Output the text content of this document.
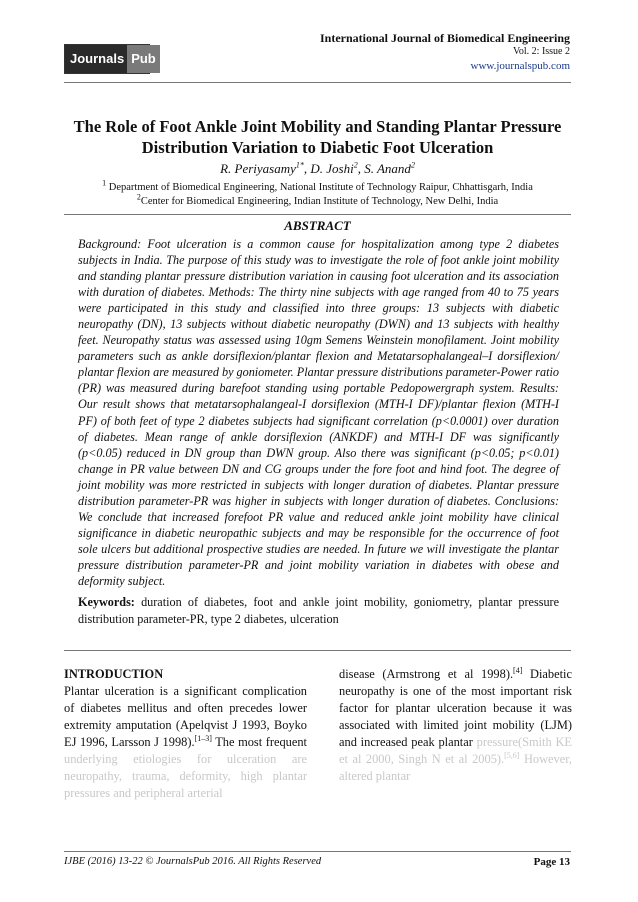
Journals Pub
International Journal of Biomedical Engineering
Vol. 2: Issue 2
www.journalspub.com
The Role of Foot Ankle Joint Mobility and Standing Plantar Pressure Distribution Variation to Diabetic Foot Ulceration
R. Periyasamy$^{1*}$, D. Joshi$^2$, S. Anand$^2$
$^1$ Department of Biomedical Engineering, National Institute of Technology Raipur, Chhattisgarh, India
$^2$Center for Biomedical Engineering, Indian Institute of Technology, New Delhi, India
ABSTRACT
Background: Foot ulceration is a common cause for hospitalization among type 2 diabetes subjects in India. The purpose of this study was to investigate the role of foot ankle joint mobility and standing plantar pressure distribution variation in causing foot ulceration and its association with duration of diabetes. Methods: The thirty nine subjects with age ranged from 40 to 75 years were participated in this study and classified into three groups: 13 subjects with diabetic neuropathy (DN), 13 subjects without diabetic neuropathy (DWN) and 13 subjects with healthy feet. Neuropathy status was assessed using 10gm Semens Weinstein monofilament. Joint mobility parameters such as ankle dorsiflexion/plantar flexion and Metatarsophalangeal–I dorsiflexion/ plantar flexion are measured by goniometer. Plantar pressure distributions parameter-Power ratio (PR) was measured during barefoot standing using portable Pedopowergraph system. Results: Our result shows that metatarsophalangeal-I dorsiflexion (MTH-I DF)/plantar flexion (MTH-I PF) of both feet of type 2 diabetes subjects had significant correlation (p<0.0001) over duration of diabetes. Mean range of ankle dorsiflexion (ANKDF) and MTH-I DF was significantly (p<0.05) reduced in DN group than DWN group. Also there was significant (p<0.05; p<0.01) change in PR value between DN and CG groups under the fore foot and hind foot. The degree of joint mobility was more restricted in subjects with longer duration of diabetes. Plantar pressure distribution parameter-PR was higher in subjects with longer duration of diabetes. Conclusions: We conclude that increased forefoot PR value and reduced ankle joint mobility have clinical significance in diabetic neuropathic subjects and may be responsible for the occurrence of foot sole ulcers but additional prospective studies are needed. In future we will investigate the plantar pressure distribution parameter-PR and joint mobility variation in diabetes with obese and deformity subject.
Keywords: duration of diabetes, foot and ankle joint mobility, goniometry, plantar pressure distribution parameter-PR, type 2 diabetes, ulceration
INTRODUCTION
Plantar ulceration is a significant complication of diabetes mellitus and often precedes lower extremity amputation (Apelqvist J 1993, Boyko EJ 1996, Larsson J 1998).[1–3] The most frequent underlying etiologies for ulceration are neuropathy, trauma, deformity, high plantar pressures and peripheral arterial
disease (Armstrong et al 1998).[4] Diabetic neuropathy is one of the most important risk factor for plantar ulceration because it was associated with limited joint mobility (LJM) and increased peak plantar pressure(Smith KE et al 2000, Singh N et al 2005).[5,6] However, altered plantar
IJBE (2016) 13-22 © JournalsPub 2016. All Rights Reserved	Page 13
